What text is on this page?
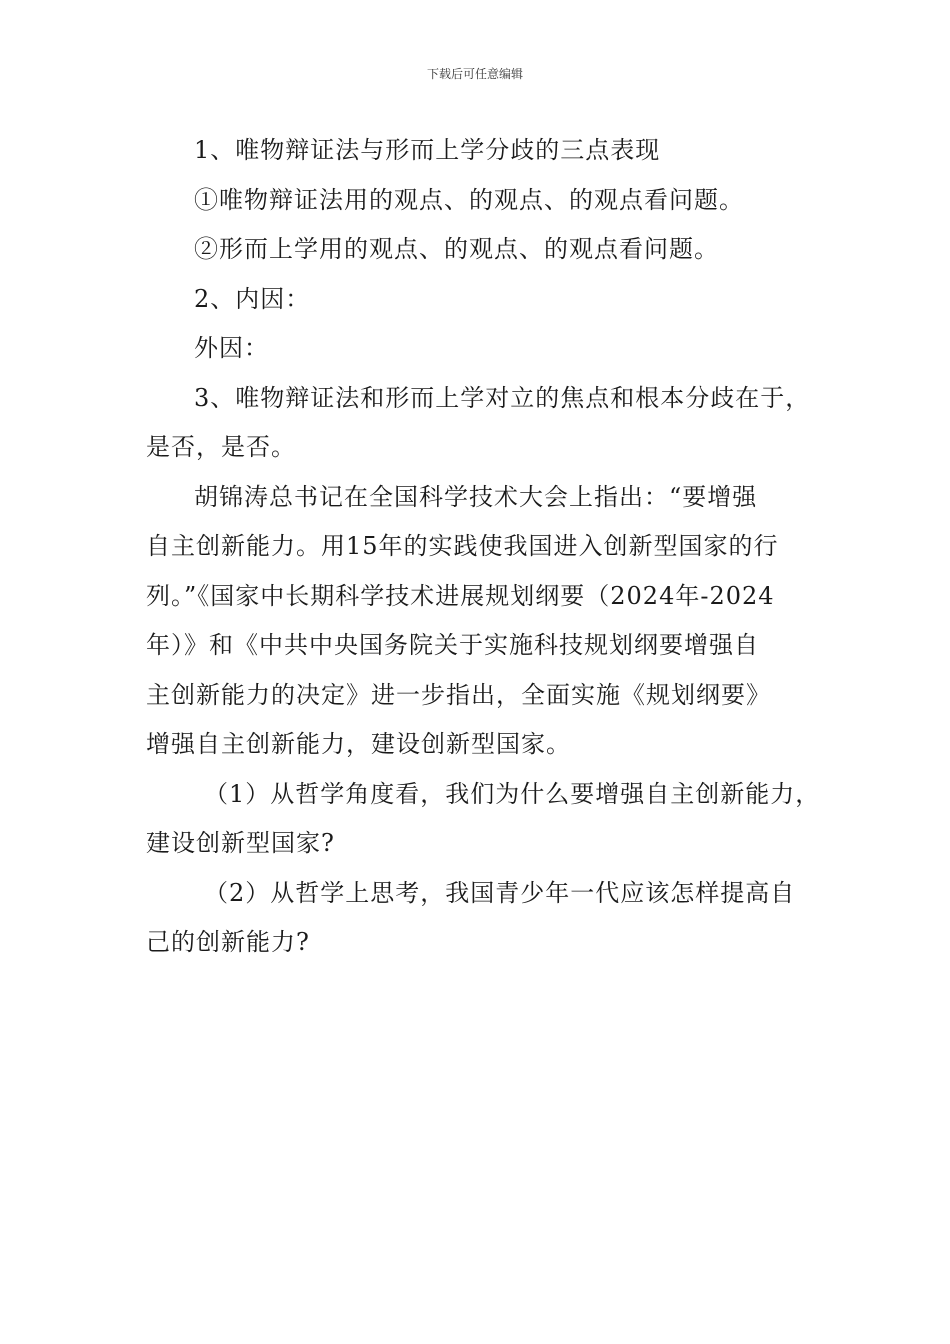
下载后可任意编辑
1、唯物辩证法与形而上学分歧的三点表现
①唯物辩证法用的观点、的观点、的观点看问题。
②形而上学用的观点、的观点、的观点看问题。
2、内因：
外因：
3、唯物辩证法和形而上学对立的焦点和根本分歧在于，
是否，是否。
胡锦涛总书记在全国科学技术大会上指出：“要增强
自主创新能力。用15年的实践使我国进入创新型国家的行
列。”《国家中长期科学技术进展规划纲要（2024年-2024
年）》和《中共中央国务院关于实施科技规划纲要增强自
主创新能力的决定》进一步指出，全面实施《规划纲要》
增强自主创新能力，建设创新型国家。
（1）从哲学角度看，我们为什么要增强自主创新能力，
建设创新型国家?
（2）从哲学上思考，我国青少年一代应该怎样提高自
己的创新能力?
